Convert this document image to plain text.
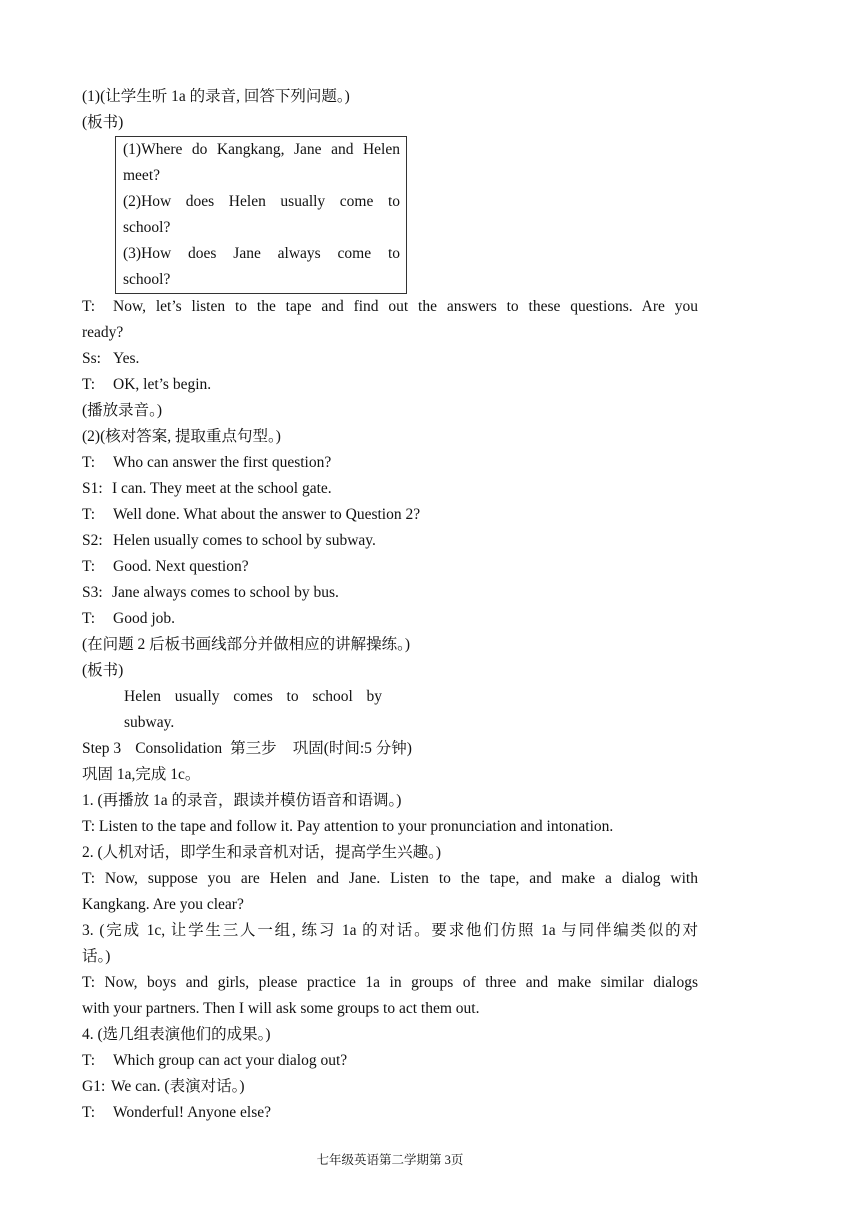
(1)(让学生听 1a 的录音, 回答下列问题。)
(板书)
(1)Where do Kangkang, Jane and Helen
meet?
(2)How does Helen usually come to
school?
(3)How does Jane always come to
school?
T: Now, let’s listen to the tape and find out the answers to these questions. Are you
ready?
Ss: Yes.
T: OK, let’s begin.
(播放录音。)
(2)(核对答案, 提取重点句型。)
T: Who can answer the first question?
S1: I can. They meet at the school gate.
T: Well done. What about the answer to Question 2?
S2: Helen usually comes to school by subway.
T: Good. Next question?
S3: Jane always comes to school by bus.
T: Good job.
(在问题 2 后板书画线部分并做相应的讲解操练。)
(板书)
Helen usually comes to school by
subway.
Step 3 Consolidation 第三步 巩固(时间:5 分钟)
巩固 1a,完成 1c。
1. (再播放 1a 的录音，跟读并模仿语音和语调。)
T: Listen to the tape and follow it. Pay attention to your pronunciation and intonation.
2. (人机对话，即学生和录音机对话，提高学生兴趣。)
T: Now, suppose you are Helen and Jane. Listen to the tape, and make a dialog with
Kangkang. Are you clear?
3. (完成 1c, 让学生三人一组, 练习 1a 的对话。要求他们仿照 1a 与同伴编类似的对
话。)
T: Now, boys and girls, please practice 1a in groups of three and make similar dialogs
with your partners. Then I will ask some groups to act them out.
4. (选几组表演他们的成果。)
T: Which group can act your dialog out?
G1: We can. (表演对话。)
T: Wonderful! Anyone else?
七年级英语第二学期第 3页
